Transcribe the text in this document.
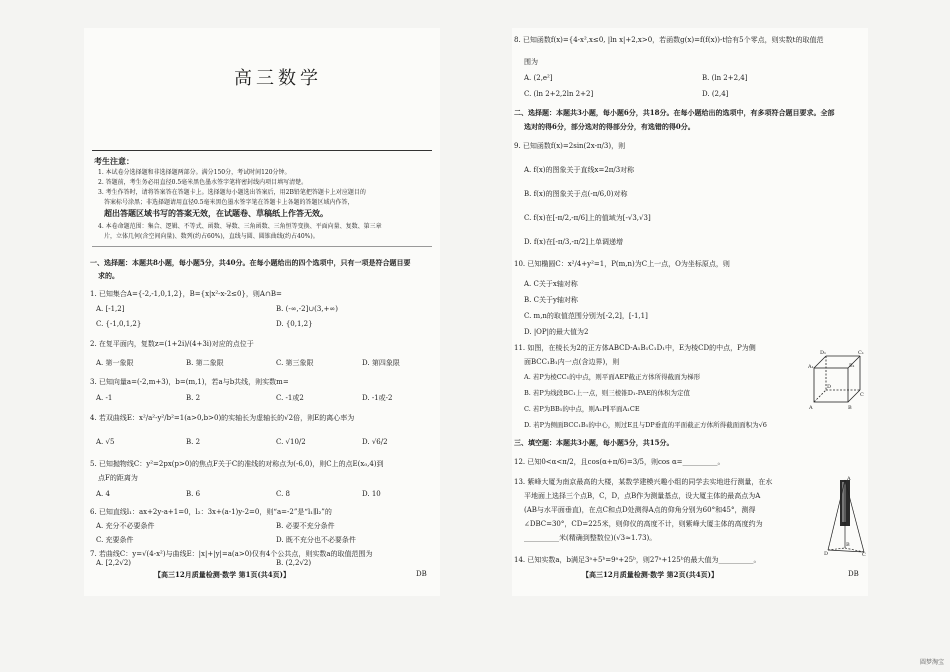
高三数学
考生注意：
1. 本试卷分选择题和非选择题两部分。满分150分，考试时间120分钟。
2. 答题前，考生务必用直径0.5毫米黑色墨水签字笔将密封线内项目填写清楚。
3. 考生作答时，请将答案答在答题卡上。选择题每小题选出答案后，用2B铅笔把答题卡上对应题目的
答案标号涂黑；非选择题请用直径0.5毫米黑色墨水签字笔在答题卡上各题的答题区域内作答，
超出答题区域书写的答案无效，在试题卷、草稿纸上作答无效。
4. 本卷命题范围：集合、逻辑、不等式、函数、导数、三角函数、三角恒等变换、平面向量、复数、第三章
片，立体几何(含空间向量)、数列(约占60%)，直线与圆、圆锥曲线(约占40%)。
一、选择题：本题共8小题，每小题5分，共40分。在每小题给出的四个选项中，只有一项是符合题目要
求的。
1. 已知集合A={-2,-1,0,1,2}，B={x|x²-x-2≤0}，则A∩B=
A. [-1,2]	B. (-∞,-2]∪(3,+∞)
C. {-1,0,1,2}	D. {0,1,2}
2. 在复平面内，复数z=(1+2i)/(4+3i)对应的点位于
A. 第一象限	B. 第二象限	C. 第三象限	D. 第四象限
3. 已知向量a=(-2,m+3)，b=(m,1)，若a与b共线，则实数m=
A. -1	B. 2	C. -1或2	D. -1或-2
4. 若双曲线E：x²/a²-y²/b²=1(a>0,b>0)的实轴长为虚轴长的√2倍，则E的离心率为
A. √5	B. 2	C. √10/2	D. √6/2
5. 已知抛物线C：y²=2px(p>0)的焦点F关于C的准线的对称点为(-6,0)，则C上的点E(x₀,4)到
点F的距离为
A. 4	B. 6	C. 8	D. 10
6. 已知直线l₁：ax+2y-a+1=0，l₂：3x+(a-1)y-2=0，则“a=-2”是“l₁∥l₂”的
A. 充分不必要条件	B. 必要不充分条件
C. 充要条件	D. 既不充分也不必要条件
7. 若曲线C：y=√(4-x²)与曲线E：|x|+|y|=a(a>0)仅有4个公共点，则实数a的取值范围为
A. [2,2√2)	B. (2,2√2)
【高三12月质量检测·数学 第1页(共4页)】	DB
8. 已知函数f(x)={4-x²,x≤0, |ln x|+2,x>0，若函数g(x)=f(f(x))-t恰有5个零点，则实数t的取值范
围为
A. (2,e²]	B. (ln 2+2,4]
C. (ln 2+2,2ln 2+2]	D. (2,4]
二、选择题：本题共3小题，每小题6分，共18分。在每小题给出的选项中，有多项符合题目要求。全部
选对的得6分，部分选对的得部分分，有选错的得0分。
9. 已知函数f(x)=2sin(2x-π/3)，则
A. f(x)的图象关于直线x=2π/3对称
B. f(x)的图象关于点(-π/6,0)对称
C. f(x)在[-π/2,-π/6]上的值域为[-√3,√3]
D. f(x)在[-π/3,-π/2]上单调递增
10. 已知椭圆C：x²/4+y²=1，P(m,n)为C上一点，O为坐标原点，则
A. C关于x轴对称
B. C关于y轴对称
C. m,n的取值范围分别为[-2,2]，[-1,1]
D. |OP|的最大值为2
11. 如图，在棱长为2的正方体ABCD-A₁B₁C₁D₁中，E为棱CD的中点，P为侧
面BCC₁B₁内一点(含边界)，则
A. 若P为棱CC₁的中点，则平面AEP截正方体所得截面为梯形
B. 若P为线段BC₁上一点，则三棱锥D₁-PAE的体积为定值
C. 若P为BB₁的中点，则A₁P∥平面A₁CE
D. 若P为侧面BCC₁B₁的中心，则过E且与DP垂直的平面截正方体所得截面面积为√6
D₁	C₁
A₁	B₁
D
C
A	B
三、填空题：本题共3小题，每小题5分，共15分。
12. 已知0<α<π/2，且cos(α+π/6)=3/5，则cos α=__________。
13. 紫峰大厦为南京最高的大楼，某数学建模兴趣小组的同学去实地进行测量，在水
平地面上选择三个点B，C，D，点B作为测量基点，设大厦主体的最高点为A
(AB与水平面垂直)，在点C和点D处测得A点的仰角分别为60°和45°，测得
∠DBC=30°，CD=225米，则仰仪的高度不计，则紫峰大厦主体的高度约为
__________米(精确到整数位)(√3≈1.73)。
A
B
C
D
14. 已知实数a，b满足3ᵃ+5ᵇ=9ᵃ+25ᵇ，则27ᵃ+125ᵇ的最大值为__________。
【高三12月质量检测·数学 第2页(共4页)】	DB
圆梦淘宝
